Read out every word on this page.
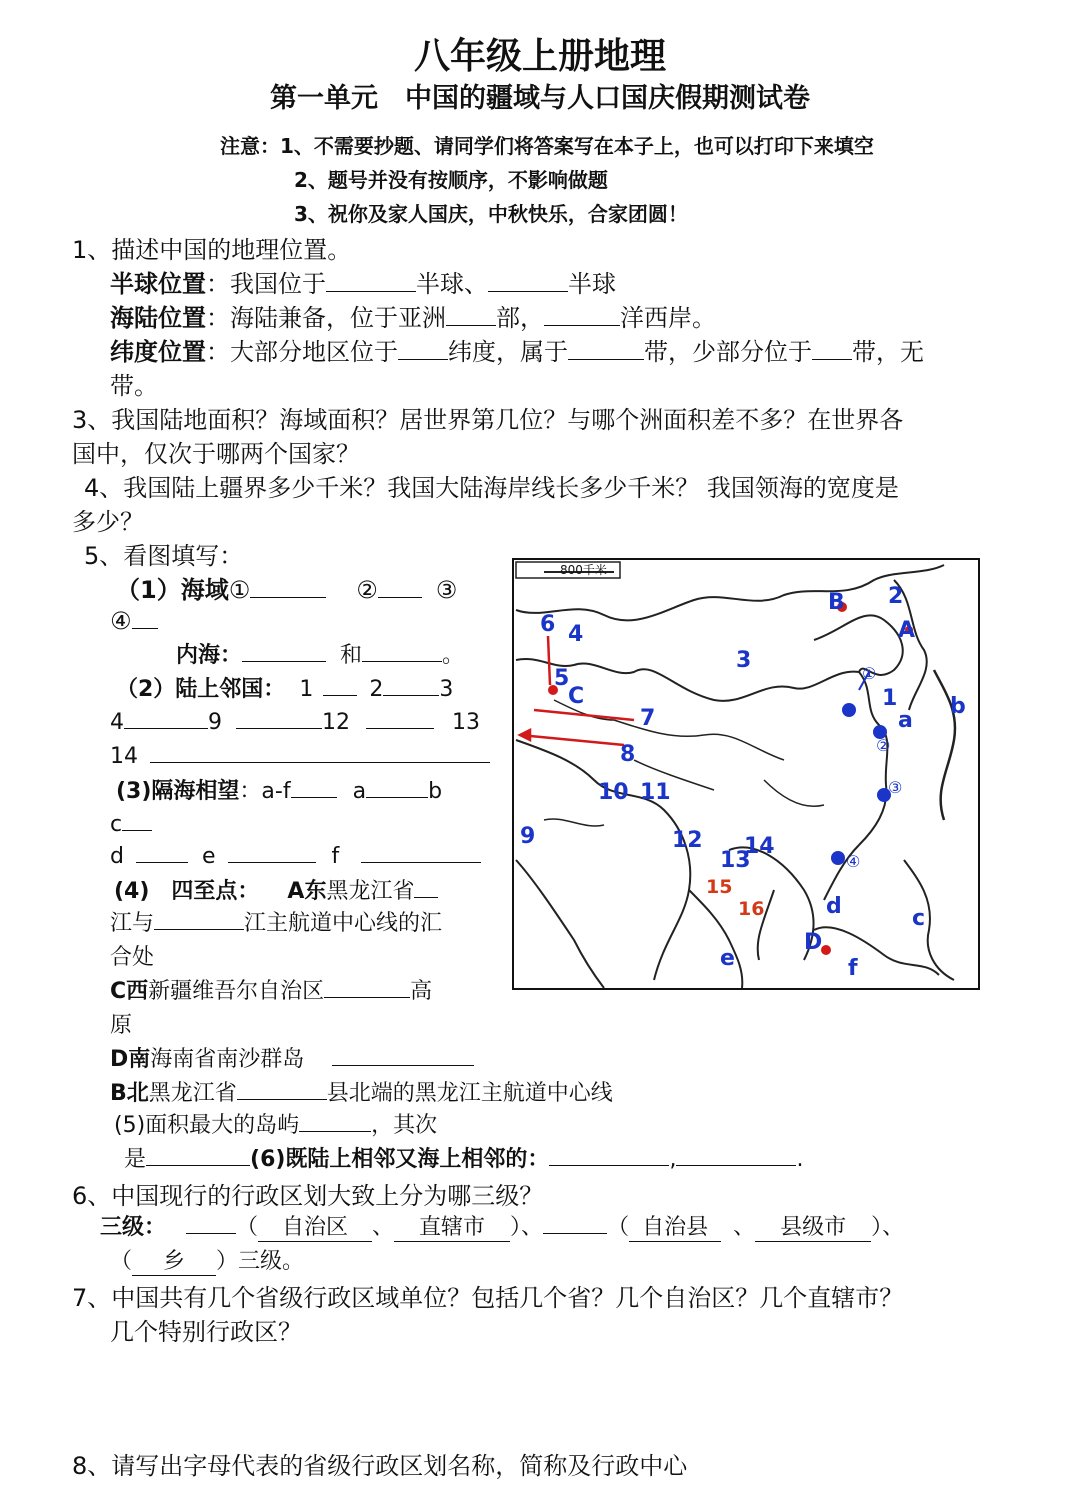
八年级上册地理
第一单元　中国的疆域与人口国庆假期测试卷
注意：1、不需要抄题、请同学们将答案写在本子上，也可以打印下来填空
2、题号并没有按顺序，不影响做题
3、祝你及家人国庆，中秋快乐，合家团圆！
1、描述中国的地理位置。
半球位置：我国位于	半球、	半球
海陆位置：海陆兼备，位于亚洲 部，	洋西岸。
纬度位置：大部分地区位于 纬度，属于	带，少部分位于 带，无
带。
3、我国陆地面积？海域面积？居世界第几位？与哪个洲面积差不多？在世界各
国中，仅次于哪两个国家？
4、我国陆上疆界多少千米？我国大陆海岸线长多少千米？ 我国领海的宽度是
多少？
5、看图填写：
（1）海域①	② ③
④
内海：	和	。
（2）陆上邻国： 1	2	3
4	9	12	13
14
(3)隔海相望：a-f	a	b
c
d	e	f
(4)　四至点： A东黑龙江省
江与	江主航道中心线的汇
合处
C西新疆维吾尔自治区	高
原
D南海南省南沙群岛
B北黑龙江省	县北端的黑龙江主航道中心线
(5)面积最大的岛屿	，其次
是	(6)既陆上相邻又海上相邻的：	,	.
800千米
B 2
A
6 4
3
①
5
C	1 b
a
②
7
8
③
10 11
9	12 14
13	④
15
16	d
D
c
e	f
6、中国现行的行政区划大致上分为哪三级？
三级：	（ 自治区 、 直辖市 ）、	（ 自治县 、 县级市 ）、
（ 乡 ）三级。
7、中国共有几个省级行政区域单位？包括几个省？几个自治区？几个直辖市？
几个特别行政区？
8、请写出字母代表的省级行政区划名称，简称及行政中心
